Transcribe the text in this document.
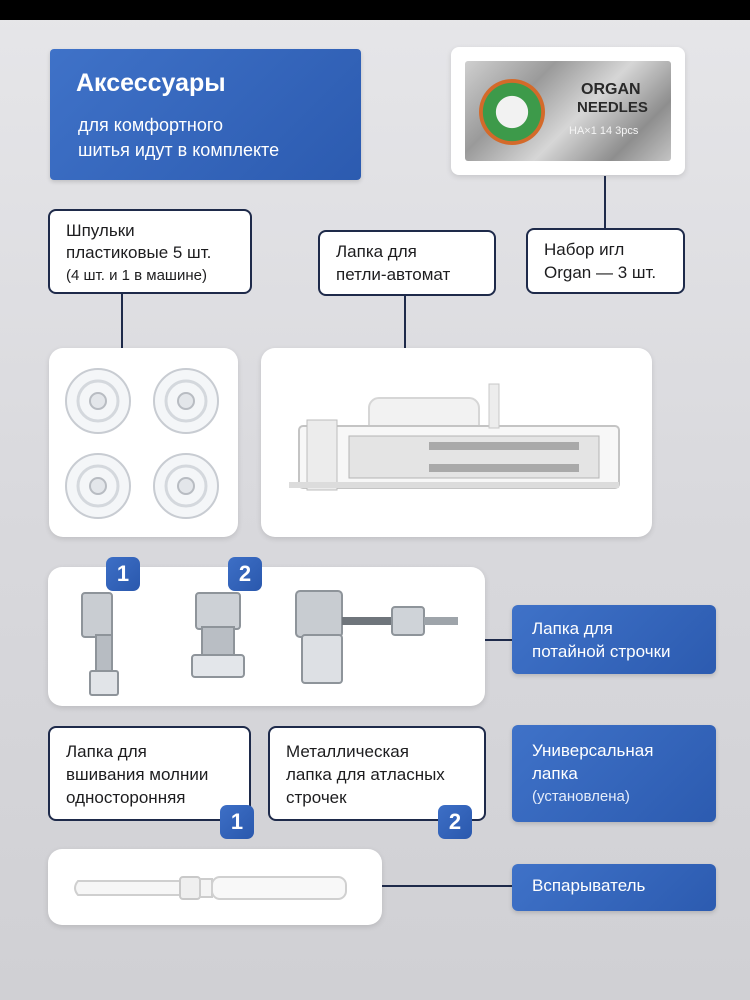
Аксессуары
для комфортного
шитья идут в комплекте
ORGAN
NEEDLES
HA×1 14 3pcs
Шпульки
пластиковые 5 шт.
(4 шт. и 1 в машине)
Лапка для
петли-автомат
Набор игл
Organ — 3 шт.
1	2
Лапка для
потайной строчки
Лапка для
вшивания молнии
односторонняя
1
Металлическая
лапка для атласных
строчек
2
Универсальная
лапка
(установлена)
Вспарыватель
